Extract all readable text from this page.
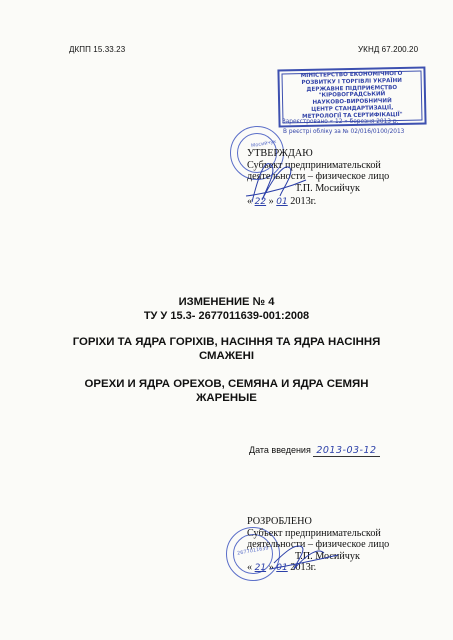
ДКПП 15.33.23	УКНД 67.200.20
МІНІСТЕРСТВО ЕКОНОМІЧНОГО
РОЗВИТКУ І ТОРГІВЛІ УКРАЇНИ
ДЕРЖАВНЕ ПІДПРИЄМСТВО
"КІРОВОГРАДСЬКИЙ
НАУКОВО-ВИРОБНИЧИЙ
ЦЕНТР СТАНДАРТИЗАЦІЇ,
МЕТРОЛОГІЇ ТА СЕРТИФІКАЦІЇ"
Зареєстровано « 12 » березня 2013 р.
В реєстрі обліку за № 02/016/0100/2013
Мосийчук
УТВЕРЖДАЮ
Субъект предпринимательской
деятельности – физическое лицо
Т.П. Мосийчук
« 22 » 01 2013г.
ИЗМЕНЕНИЕ № 4
ТУ У 15.3- 2677011639-001:2008
ГОРІХИ ТА ЯДРА ГОРІХІВ, НАСІННЯ ТА ЯДРА НАСІННЯ СМАЖЕНІ
ОРЕХИ И ЯДРА ОРЕХОВ, СЕМЯНА И ЯДРА СЕМЯН ЖАРЕНЫЕ
Дата введения 2013-03-12
2677011639
РОЗРОБЛЕНО
Субъект предпринимательской
деятельности – физическое лицо
Т.П. Мосийчук
« 21 » 01 2013г.
